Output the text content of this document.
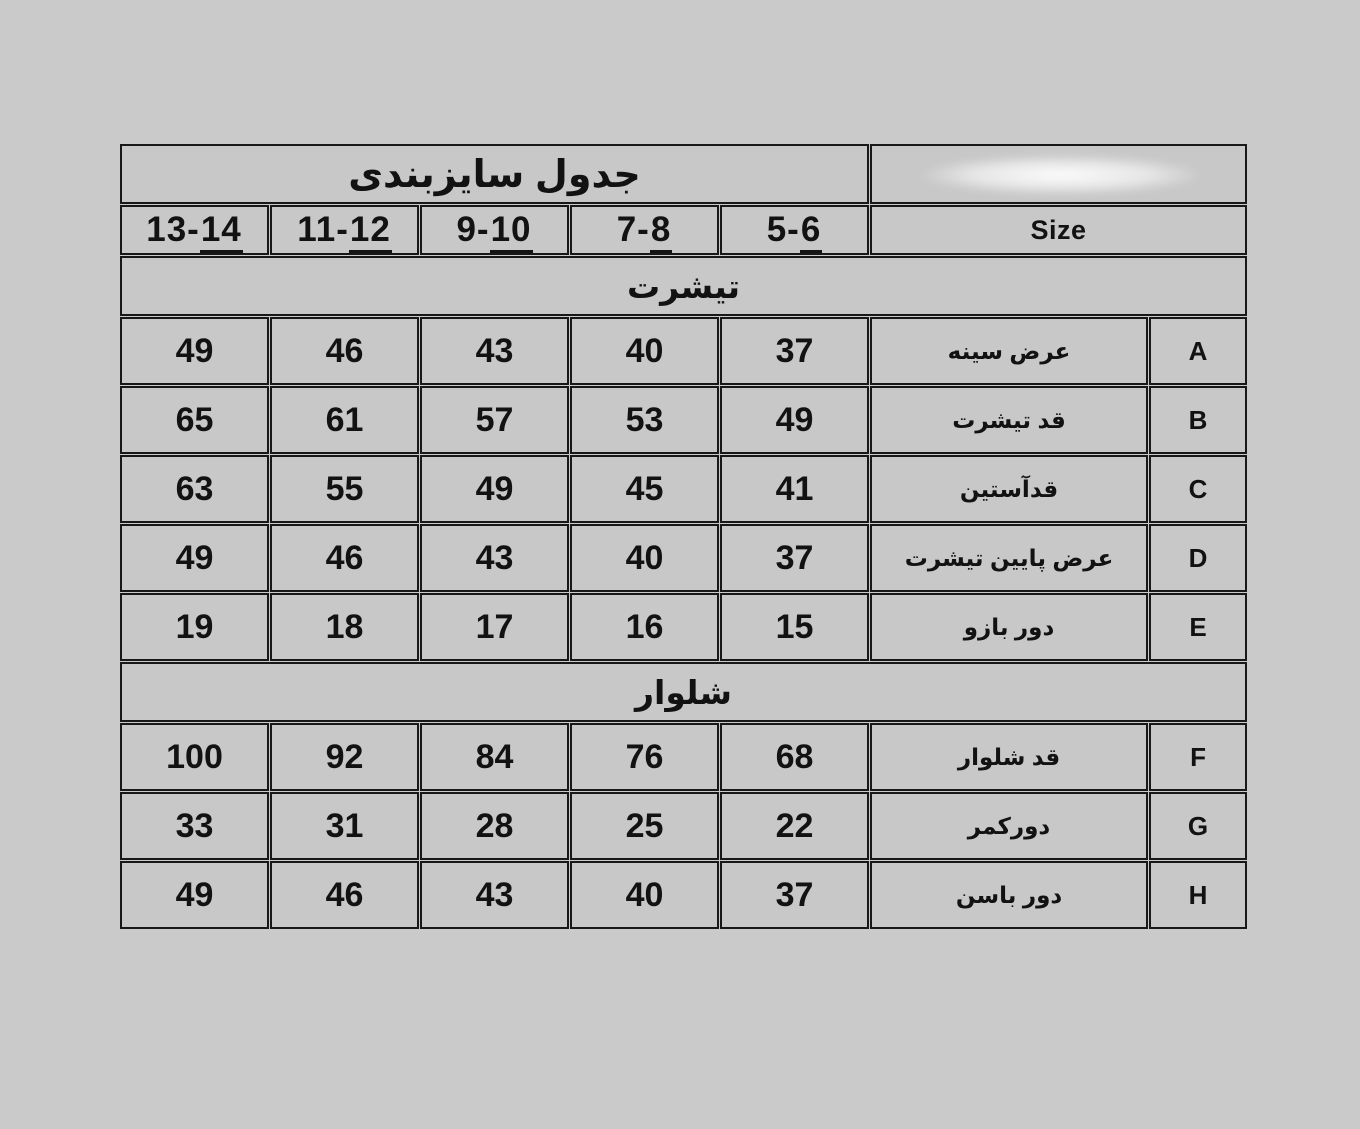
جدول سایزبندی						

13-14	11-12	9-10	7-8	5-6	Size	
تیشرت						
49	46	43	40	37	عرض سینه	A
65	61	57	53	49	قد تیشرت	B
63	55	49	45	41	قدآستین	C
49	46	43	40	37	عرض پایین تیشرت	D
19	18	17	16	15	دور بازو	E
شلوار						
100	92	84	76	68	قد شلوار	F
33	31	28	25	22	دورکمر	G
49	46	43	40	37	دور باسن	H
